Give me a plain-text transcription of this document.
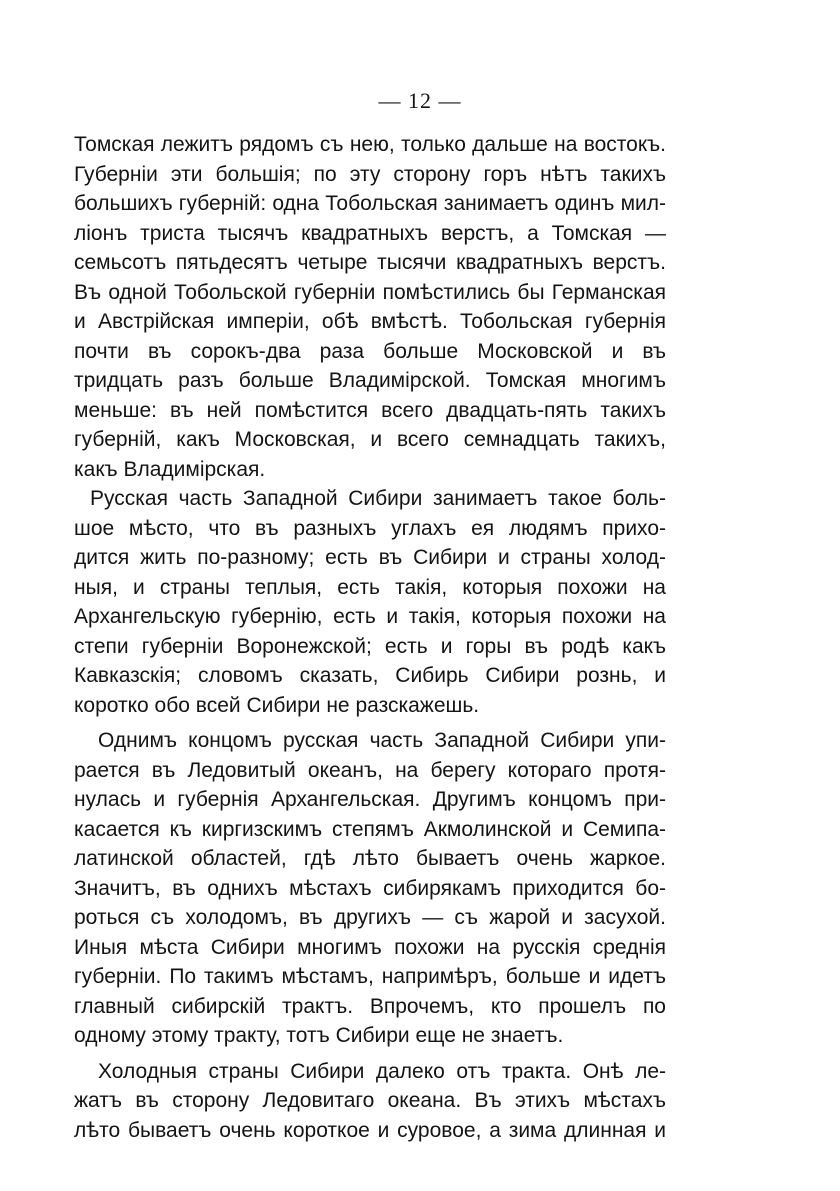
— 12 —
Томская лежитъ рядомъ съ нею, только дальше на востокъ.
Губерніи эти большія; по эту сторону горъ нѣтъ такихъ
большихъ губерній: одна Тобольская занимаетъ одинъ мил-
ліонъ триста тысячъ квадратныхъ верстъ, а Томская —
семьсотъ пятьдесятъ четыре тысячи квадратныхъ верстъ.
Въ одной Тобольской губерніи помѣстились бы Германская
и Австрійская имперіи, обѣ вмѣстѣ. Тобольская губернія
почти въ сорокъ-два раза больше Московской и въ
тридцать разъ больше Владимірской. Томская многимъ
меньше: въ ней помѣстится всего двадцать-пять такихъ
губерній, какъ Московская, и всего семнадцать такихъ,
какъ Владимірская.
Русская часть Западной Сибири занимаетъ такое боль-
шое мѣсто, что въ разныхъ углахъ ея людямъ прихо-
дится жить по-разному; есть въ Сибири и страны холод-
ныя, и страны теплыя, есть такія, которыя похожи на
Архангельскую губернію, есть и такія, которыя похожи на
степи губерніи Воронежской; есть и горы въ родѣ какъ
Кавказскія; словомъ сказать, Сибирь Сибири рознь, и
коротко обо всей Сибири не разскажешь.
Однимъ концомъ русская часть Западной Сибири упи-
рается въ Ледовитый океанъ, на берегу котораго протя-
нулась и губернія Архангельская. Другимъ концомъ при-
касается къ киргизскимъ степямъ Акмолинской и Семипа-
латинской областей, гдѣ лѣто бываетъ очень жаркое.
Значитъ, въ однихъ мѣстахъ сибирякамъ приходится бо-
роться съ холодомъ, въ другихъ — съ жарой и засухой.
Иныя мѣста Сибири многимъ похожи на русскія среднія
губерніи. По такимъ мѣстамъ, напримѣръ, больше и идетъ
главный сибирскій трактъ. Впрочемъ, кто прошелъ по
одному этому тракту, тотъ Сибири еще не знаетъ.
Холодныя страны Сибири далеко отъ тракта. Онѣ ле-
жатъ въ сторону Ледовитаго океана. Въ этихъ мѣстахъ
лѣто бываетъ очень короткое и суровое, а зима длинная и
